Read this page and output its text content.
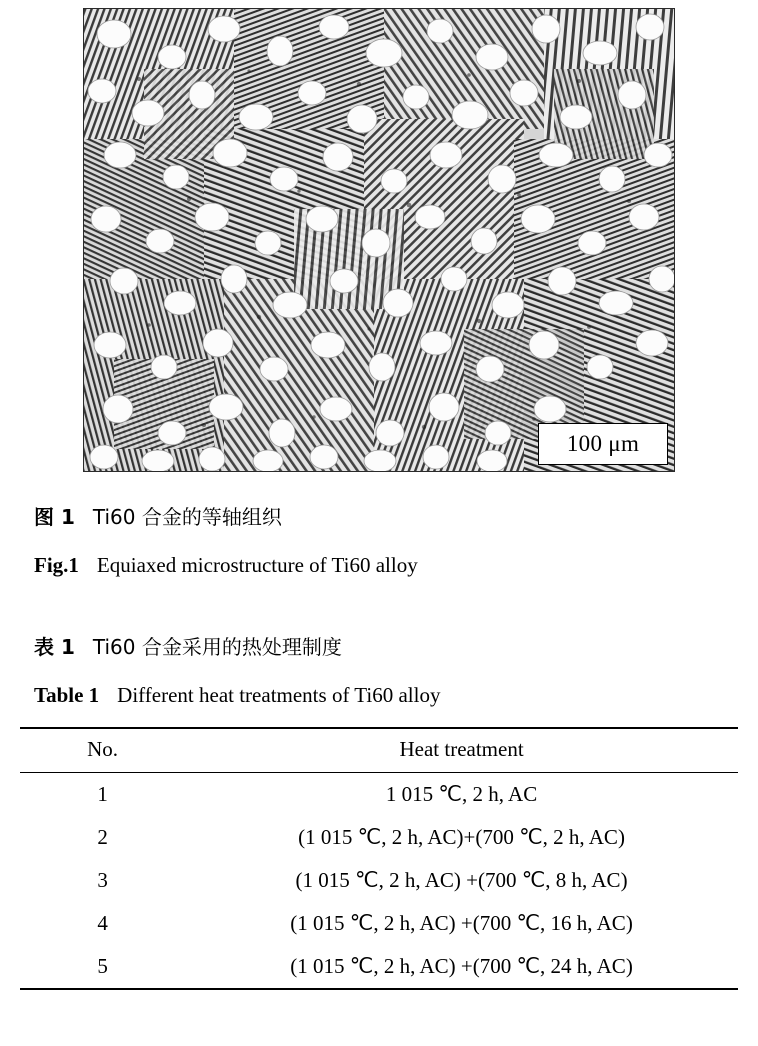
100 μm
图 1 Ti60 合金的等轴组织
Fig.1 Equiaxed microstructure of Ti60 alloy
表 1 Ti60 合金采用的热处理制度
Table 1 Different heat treatments of Ti60 alloy
No.	Heat treatment
1	1 015 ℃, 2 h, AC
2	(1 015 ℃, 2 h, AC)+(700 ℃, 2 h, AC)
3	(1 015 ℃, 2 h, AC) +(700 ℃, 8 h, AC)
4	(1 015 ℃, 2 h, AC) +(700 ℃, 16 h, AC)
5	(1 015 ℃, 2 h, AC) +(700 ℃, 24 h, AC)
